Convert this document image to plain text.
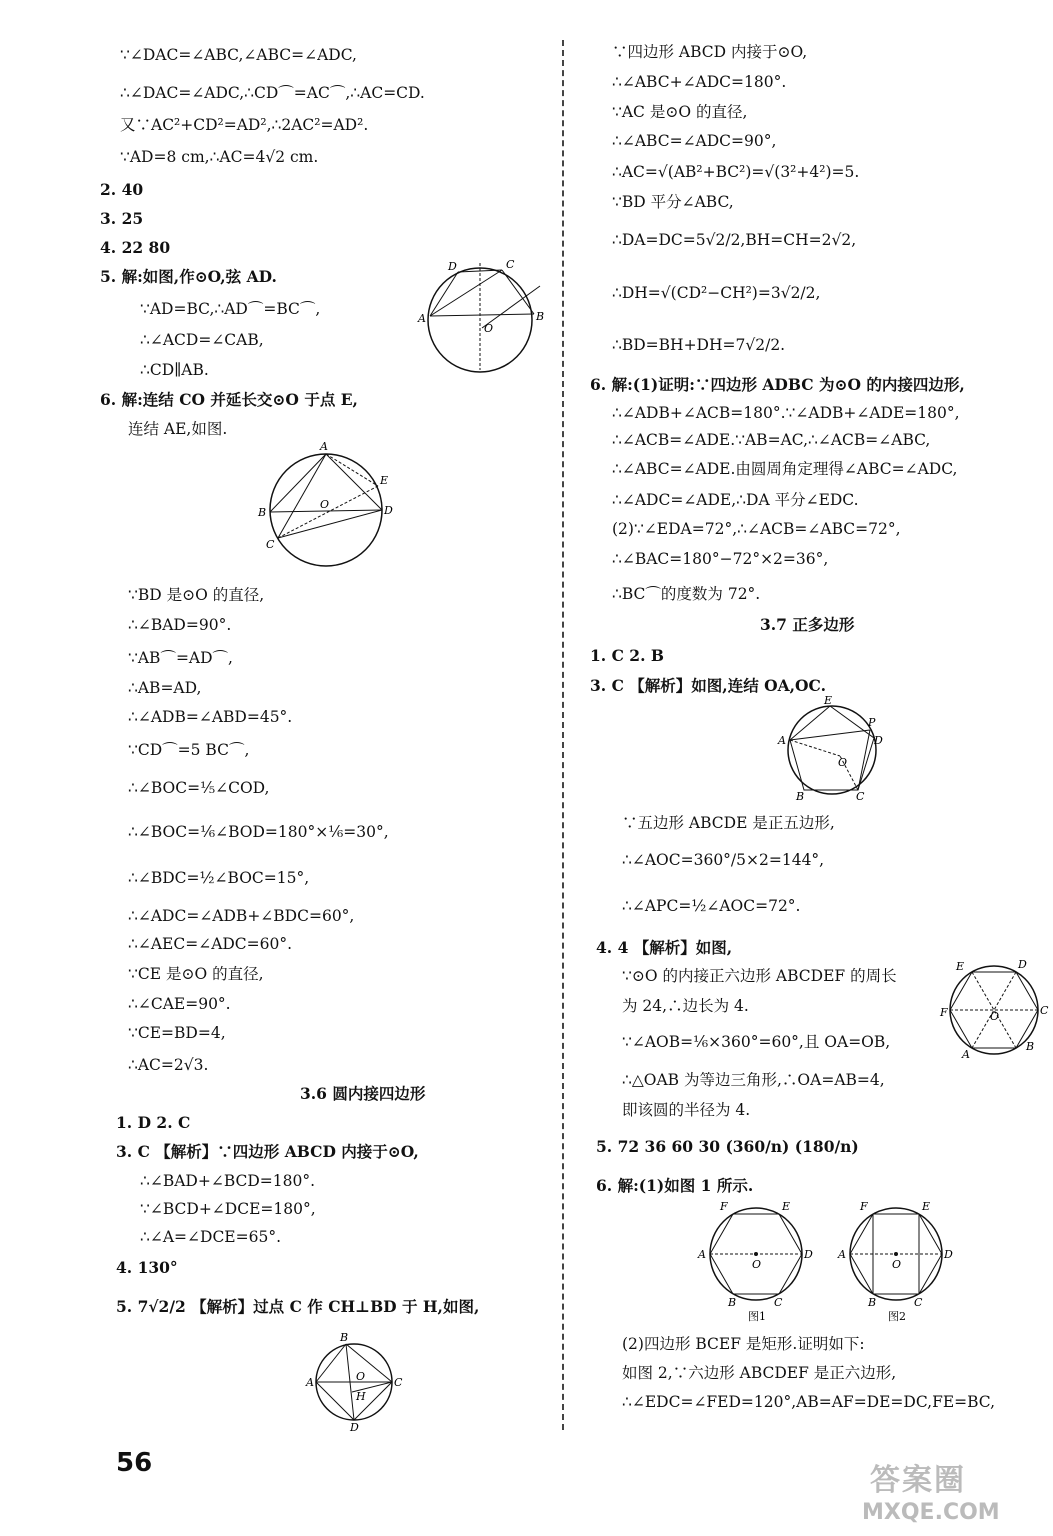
∵∠DAC=∠ABC,∠ABC=∠ADC,
∴∠DAC=∠ADC,∴CD⌒=AC⌒,∴AC=CD.
又∵AC²+CD²=AD²,∴2AC²=AD².
∵AD=8 cm,∴AC=4√2 cm.
2. 40
3. 25
4. 22 80
5. 解:如图,作⊙O,弦 AD.
∵AD=BC,∴AD⌒=BC⌒,
∴∠ACD=∠CAB,
∴CD∥AB.
6. 解:连结 CO 并延长交⊙O 于点 E,
连结 AE,如图.
∵BD 是⊙O 的直径,
∴∠BAD=90°.
∵AB⌒=AD⌒,
∴AB=AD,
∴∠ADB=∠ABD=45°.
∵CD⌒=5 BC⌒,
∴∠BOC=⅕∠COD,
∴∠BOC=⅙∠BOD=180°×⅙=30°,
∴∠BDC=½∠BOC=15°,
∴∠ADC=∠ADB+∠BDC=60°,
∴∠AEC=∠ADC=60°.
∵CE 是⊙O 的直径,
∴∠CAE=90°.
∵CE=BD=4,
∴AC=2√3.
1. D 2. C
3. C 【解析】∵四边形 ABCD 内接于⊙O,
∴∠BAD+∠BCD=180°.
∵∠BCD+∠DCE=180°,
∴∠A=∠DCE=65°.
4. 130°
5. 7√2/2 【解析】过点 C 作 CH⊥BD 于 H,如图,
∵四边形 ABCD 内接于⊙O,
∴∠ABC+∠ADC=180°.
∵AC 是⊙O 的直径,
∴∠ABC=∠ADC=90°,
∴AC=√(AB²+BC²)=√(3²+4²)=5.
∵BD 平分∠ABC,
∴DA=DC=5√2/2,BH=CH=2√2,
∴DH=√(CD²−CH²)=3√2/2,
∴BD=BH+DH=7√2/2.
6. 解:(1)证明:∵四边形 ADBC 为⊙O 的内接四边形,
∴∠ADB+∠ACB=180°.∵∠ADB+∠ADE=180°,
∴∠ACB=∠ADE.∵AB=AC,∴∠ACB=∠ABC,
∴∠ABC=∠ADE.由圆周角定理得∠ABC=∠ADC,
∴∠ADC=∠ADE,∴DA 平分∠EDC.
(2)∵∠EDA=72°,∴∠ACB=∠ABC=72°,
∴∠BAC=180°−72°×2=36°,
∴BC⌒的度数为 72°.
1. C 2. B
3. C 【解析】如图,连结 OA,OC.
∵五边形 ABCDE 是正五边形,
∴∠AOC=360°/5×2=144°,
∴∠APC=½∠AOC=72°.
4. 4 【解析】如图,
∵⊙O 的内接正六边形 ABCDEF 的周长
为 24,∴边长为 4.
∵∠AOB=⅙×360°=60°,且 OA=OB,
∴△OAB 为等边三角形,∴OA=AB=4,
即该圆的半径为 4.
5. 72 36 60 30 (360/n) (180/n)
6. 解:(1)如图 1 所示.
(2)四边形 BCEF 是矩形.证明如下:
如图 2,∵六边形 ABCDEF 是正六边形,
∴∠EDC=∠FED=120°,AB=AF=DE=DC,FE=BC,
3.6 圆内接四边形
3.7 正多边形
D	C
A	B
O
A
B
C
D
E
O
B
A	C
D
O
H
E
P
D
A
B	C
O
E	D
F	C
A
B
O
F	E
A	D
O
B	C
图1
F	E
A	D
O
B	C
图2
56	答案圈
MXQE.COM
